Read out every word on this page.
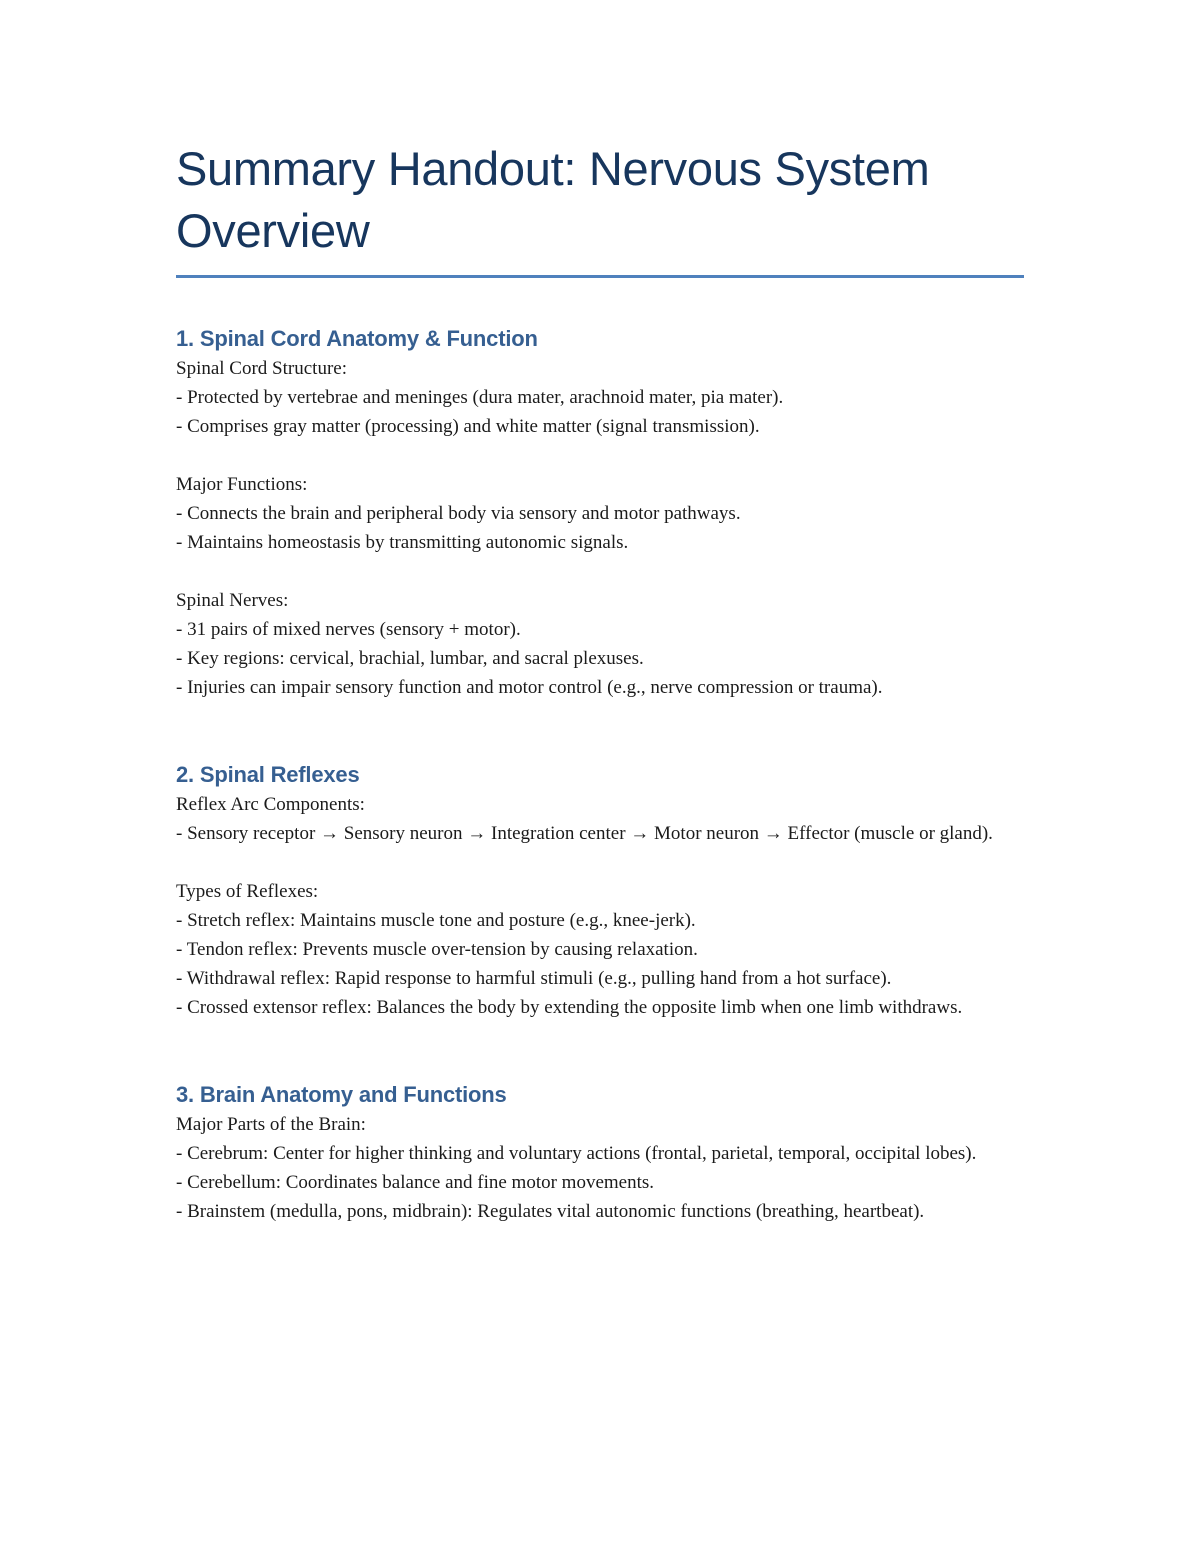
Summary Handout: Nervous System Overview
1. Spinal Cord Anatomy & Function

Spinal Cord Structure:

- Protected by vertebrae and meninges (dura mater, arachnoid mater, pia mater).

- Comprises gray matter (processing) and white matter (signal transmission).

Major Functions:

- Connects the brain and peripheral body via sensory and motor pathways.

- Maintains homeostasis by transmitting autonomic signals.

Spinal Nerves:

- 31 pairs of mixed nerves (sensory + motor).

- Key regions: cervical, brachial, lumbar, and sacral plexuses.

- Injuries can impair sensory function and motor control (e.g., nerve compression or trauma).

2. Spinal Reflexes

Reflex Arc Components:

- Sensory receptor → Sensory neuron → Integration center → Motor neuron → Effector (muscle or gland).

Types of Reflexes:

- Stretch reflex: Maintains muscle tone and posture (e.g., knee-jerk).

- Tendon reflex: Prevents muscle over-tension by causing relaxation.

- Withdrawal reflex: Rapid response to harmful stimuli (e.g., pulling hand from a hot surface).

- Crossed extensor reflex: Balances the body by extending the opposite limb when one limb withdraws.

3. Brain Anatomy and Functions

Major Parts of the Brain:

- Cerebrum: Center for higher thinking and voluntary actions (frontal, parietal, temporal, occipital lobes).

- Cerebellum: Coordinates balance and fine motor movements.

- Brainstem (medulla, pons, midbrain): Regulates vital autonomic functions (breathing, heartbeat).
